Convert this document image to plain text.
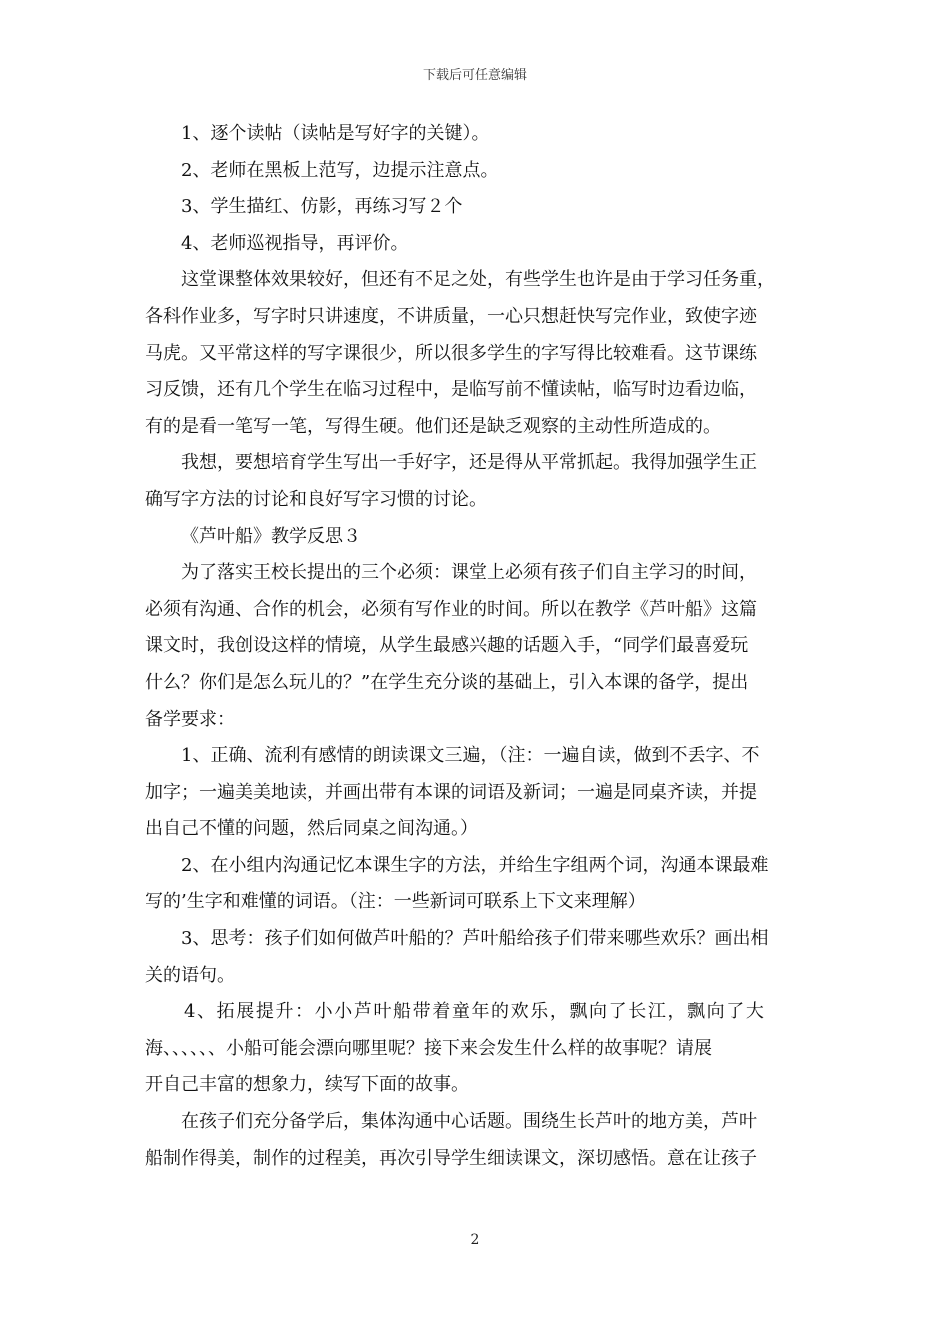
下载后可任意编辑
1、逐个读帖（读帖是写好字的关键）。
2、老师在黑板上范写，边提示注意点。
3、学生描红、仿影，再练习写２个
4、老师巡视指导，再评价。
这堂课整体效果较好，但还有不足之处，有些学生也许是由于学习任务重，
各科作业多，写字时只讲速度，不讲质量，一心只想赶快写完作业，致使字迹
马虎。又平常这样的写字课很少，所以很多学生的字写得比较难看。这节课练
习反馈，还有几个学生在临习过程中，是临写前不懂读帖，临写时边看边临，
有的是看一笔写一笔，写得生硬。他们还是缺乏观察的主动性所造成的。
我想，要想培育学生写出一手好字，还是得从平常抓起。我得加强学生正
确写字方法的讨论和良好写字习惯的讨论。
《芦叶船》教学反思３
为了落实王校长提出的三个必须：课堂上必须有孩子们自主学习的时间，
必须有沟通、合作的机会，必须有写作业的时间。所以在教学《芦叶船》这篇
课文时，我创设这样的情境，从学生最感兴趣的话题入手，“同学们最喜爱玩
什么？你们是怎么玩儿的？”在学生充分谈的基础上，引入本课的备学，提出
备学要求：
1、正确、流利有感情的朗读课文三遍，（注：一遍自读，做到不丢字、不
加字；一遍美美地读，并画出带有本课的词语及新词；一遍是同桌齐读，并提
出自己不懂的问题，然后同桌之间沟通。）
2、在小组内沟通记忆本课生字的方法，并给生字组两个词，沟通本课最难
写的’生字和难懂的词语。（注：一些新词可联系上下文来理解）
3、思考：孩子们如何做芦叶船的？芦叶船给孩子们带来哪些欢乐？画出相
关的语句。
4、拓展提升：小小芦叶船带着童年的欢乐，飘向了长江，飘向了大
海、、、、、、小船可能会漂向哪里呢？接下来会发生什么样的故事呢？请展
开自己丰富的想象力，续写下面的故事。
在孩子们充分备学后，集体沟通中心话题。围绕生长芦叶的地方美，芦叶
船制作得美，制作的过程美，再次引导学生细读课文，深切感悟。意在让孩子
2
